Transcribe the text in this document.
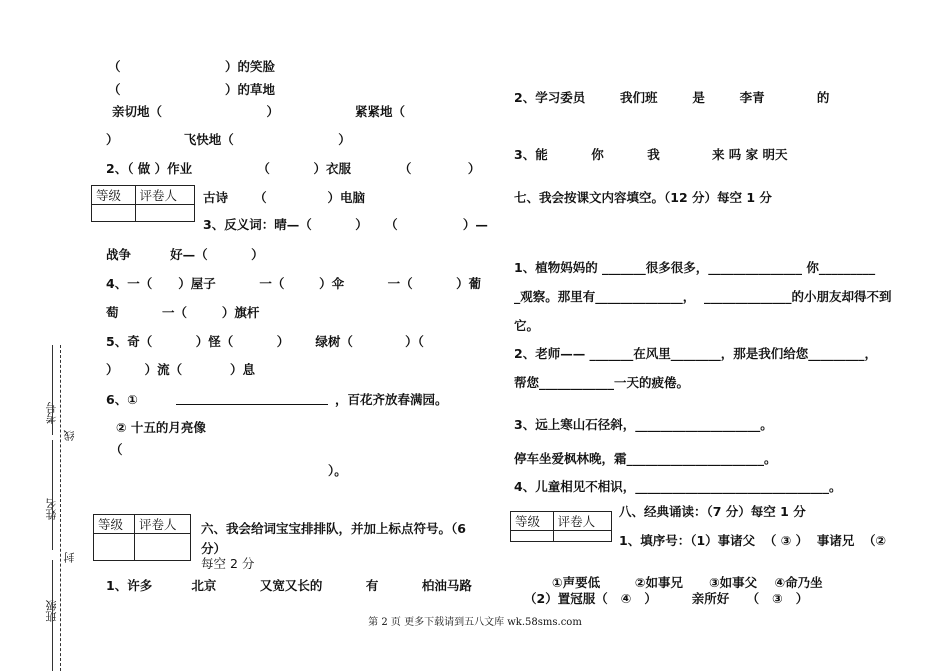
考号
线
姓名
封
班级
（                        ）的笑脸
（                        ）的草地
亲切地（                        ）	紧紧地（
）               飞快地（                        ）
2、（ 做 ）作业               （          ）衣服           （             ）
等级	评卷人
	古诗      （              ）电脑
3、反义词：晴—（          ）    （               ）—
战争         好—（          ）
4、一（      ）屋子          一（        ）伞          一（          ）葡
萄          一（        ）旗杆
5、奇（          ）怪（          ）      绿树（            ）（
）      ）流（           ）息
6、①	，百花齐放春满园。
② 十五的月亮像
（
）。
等级	评卷人
	六、我会给词宝宝排排队，并加上标点符号。（6
分）
每空 2 分
1、许多         北京          又宽又长的          有          柏油马路
2、学习委员        我们班        是        李青            的
3、能          你          我            来 吗 家 明天
七、我会按课文内容填空。（12 分）每空 1 分
1、植物妈妈的 _______很多很多，_______________ 你_________
_观察。那里有______________，  ______________的小朋友却得不到
它。
2、老师—— _______在风里________，那是我们给您_________，
帮您____________一天的疲倦。
3、远上寒山石径斜，____________________。
停车坐爱枫林晚，霜______________________。
4、儿童相见不相识，_______________________________。
等级	评卷人

八、经典诵读：（7 分）每空 1 分
1、填序号：（1）事诸父  （ ③ ）  事诸兄  （②
①声要低        ②如事兄      ③如事父    ④命乃坐
（2）置冠服（   ④   ）        亲所好    （   ③   ）
第 2 页 更多下载请到五八文库 wk.58sms.com
